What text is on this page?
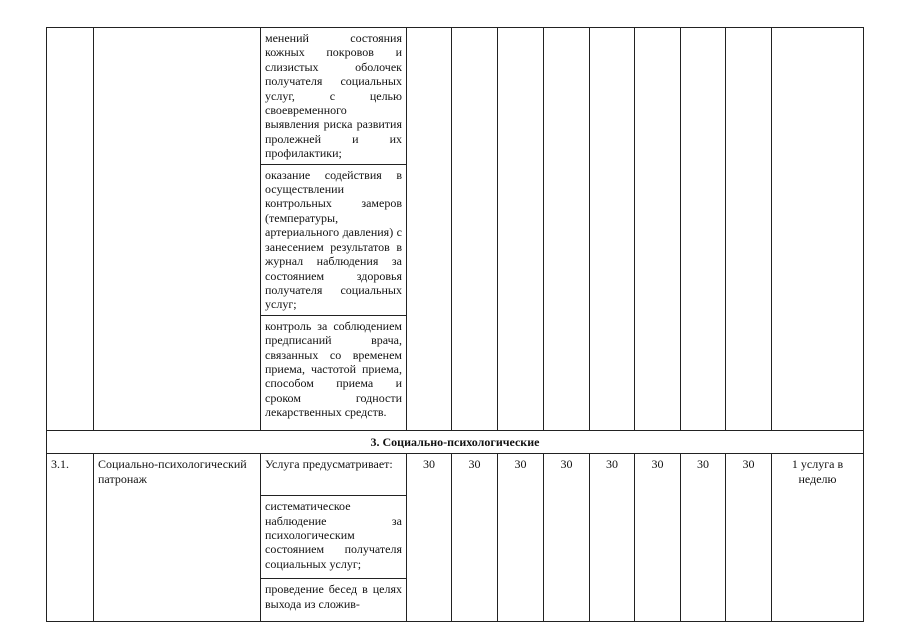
		менений состояния кожных покровов и слизистых оболочек получателя социальных услуг, с целью своевременного выявления риска развития пролежней и их профилактики;									
		оказание содействия в осуществлении контрольных замеров (температуры, артериального давления) с занесением результатов в журнал наблюдения за состоянием здоровья получателя социальных услуг;									
		контроль за соблюдением предписаний врача, связанных со временем приема, частотой приема, способом приема и сроком годности лекарственных средств.									
3. Социально-психологические											
3.1.	Социально-психологический патронаж	Услуга предусматривает:	30	30	30	30	30	30	30	30	1 услуга в неделю
		систематическое наблюдение за психологическим состоянием получателя социальных услуг;									

		проведение бесед в целях выхода из сложив-									
